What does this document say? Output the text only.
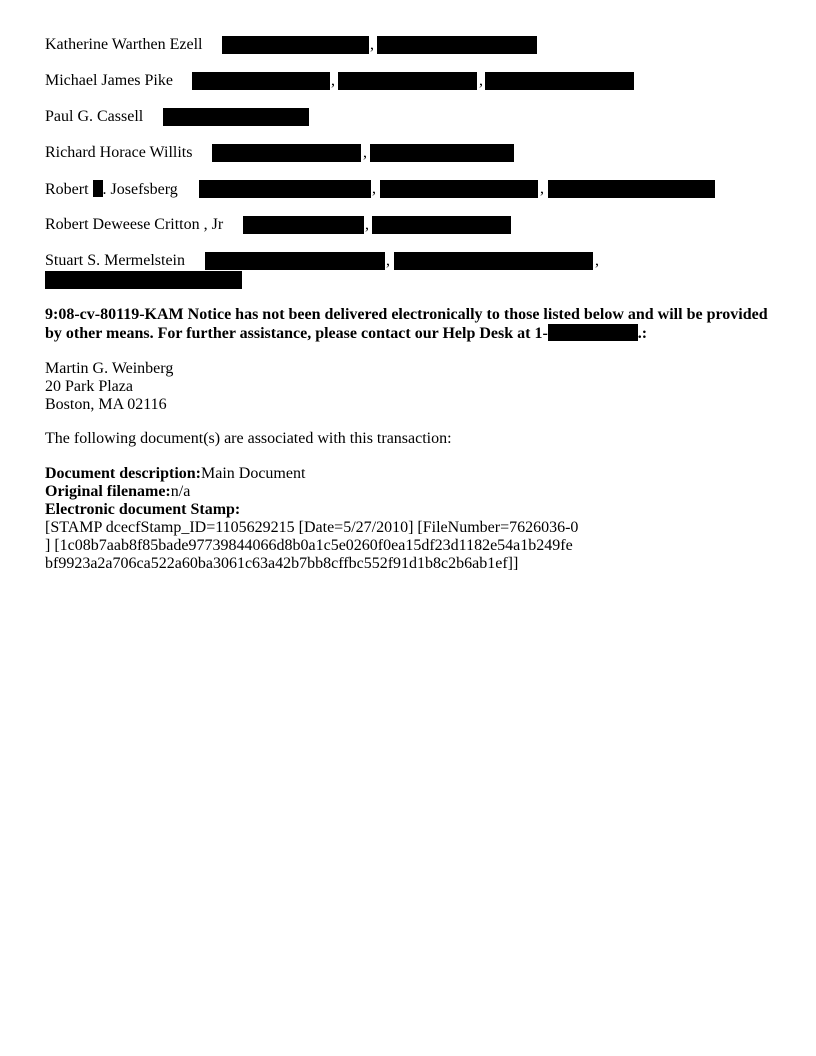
Katherine Warthen Ezell	,
Michael James Pike	,	,
Paul G. Cassell
Richard Horace Willits	,
Robert . Josefsberg	,	,
Robert Deweese Critton , Jr	,
Stuart S. Mermelstein	,	,
9:08-cv-80119-KAM Notice has not been delivered electronically to those listed below and will be provided by other means. For further assistance, please contact our Help Desk at 1-	.:
Martin G. Weinberg
20 Park Plaza
Boston, MA 02116
The following document(s) are associated with this transaction:
Document description:Main Document
Original filename:n/a
Electronic document Stamp:
[STAMP dcecfStamp_ID=1105629215 [Date=5/27/2010] [FileNumber=7626036-0
] [1c08b7aab8f85bade97739844066d8b0a1c5e0260f0ea15df23d1182e54a1b249fe
bf9923a2a706ca522a60ba3061c63a42b7bb8cffbc552f91d1b8c2b6ab1ef]]
